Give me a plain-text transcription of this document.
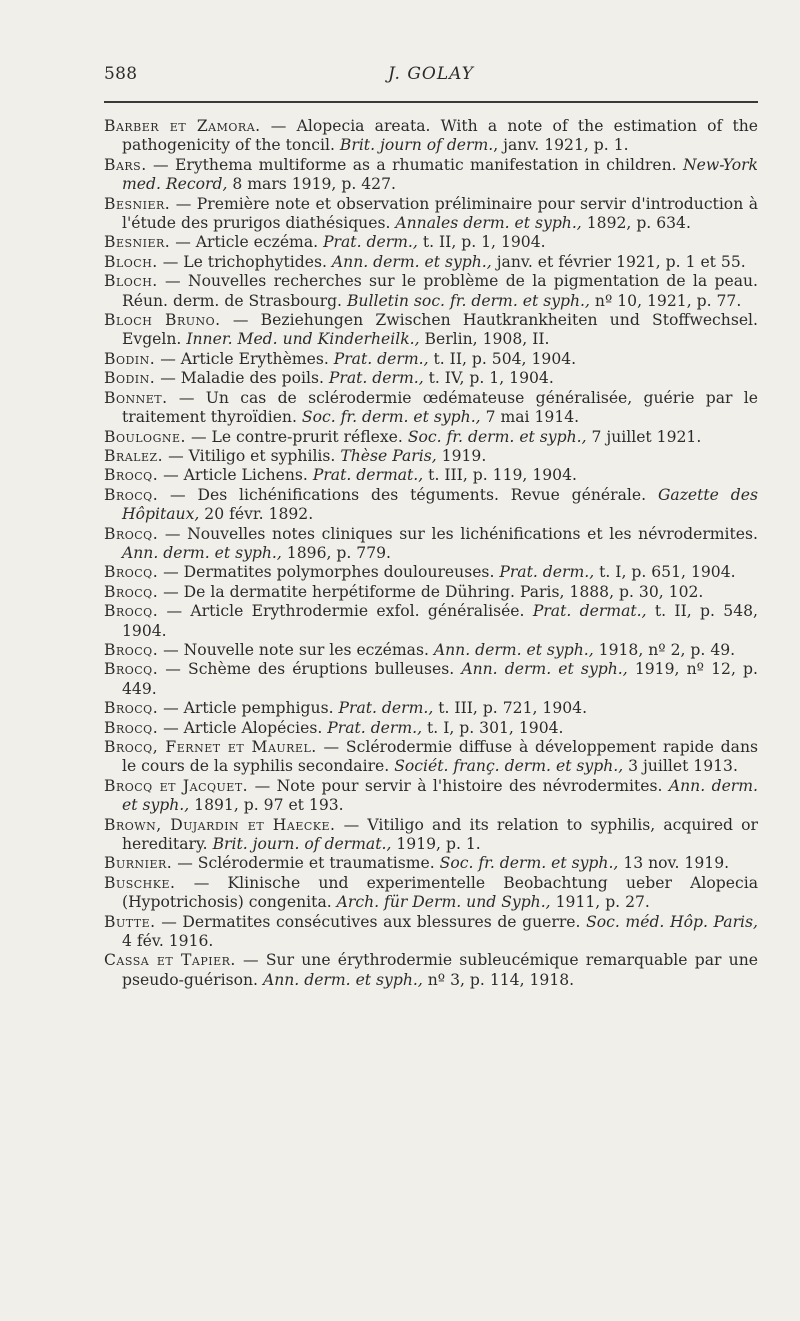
588	J. GOLAY

Barber et Zamora. — Alopecia areata. With a note of the estimation of the pathogenicity of the toncil. Brit. journ of derm., janv. 1921, p. 1.

Bars. — Erythema multiforme as a rhumatic manifestation in children. New-York med. Record, 8 mars 1919, p. 427.

Besnier. — Première note et observation préliminaire pour servir d'introduction à l'étude des prurigos diathésiques. Annales derm. et syph., 1892, p. 634.

Besnier. — Article eczéma. Prat. derm., t. II, p. 1, 1904.

Bloch. — Le trichophytides. Ann. derm. et syph., janv. et février 1921, p. 1 et 55.

Bloch. — Nouvelles recherches sur le problème de la pigmentation de la peau. Réun. derm. de Strasbourg. Bulletin soc. fr. derm. et syph., nº 10, 1921, p. 77.

Bloch Bruno. — Beziehungen Zwischen Hautkrankheiten und Stoffwechsel. Evgeln. Inner. Med. und Kinderheilk., Berlin, 1908, II.

Bodin. — Article Erythèmes. Prat. derm., t. II, p. 504, 1904.

Bodin. — Maladie des poils. Prat. derm., t. IV, p. 1, 1904.

Bonnet. — Un cas de sclérodermie œdémateuse généralisée, guérie par le traitement thyroïdien. Soc. fr. derm. et syph., 7 mai 1914.

Boulogne. — Le contre-prurit réflexe. Soc. fr. derm. et syph., 7 juillet 1921.

Bralez. — Vitiligo et syphilis. Thèse Paris, 1919.

Brocq. — Article Lichens. Prat. dermat., t. III, p. 119, 1904.

Brocq. — Des lichénifications des téguments. Revue générale. Gazette des Hôpitaux, 20 févr. 1892.

Brocq. — Nouvelles notes cliniques sur les lichénifications et les névrodermites. Ann. derm. et syph., 1896, p. 779.

Brocq. — Dermatites polymorphes douloureuses. Prat. derm., t. I, p. 651, 1904.

Brocq. — De la dermatite herpétiforme de Dühring. Paris, 1888, p. 30, 102.

Brocq. — Article Erythrodermie exfol. généralisée. Prat. dermat., t. II, p. 548, 1904.

Brocq. — Nouvelle note sur les eczémas. Ann. derm. et syph., 1918, nº 2, p. 49.

Brocq. — Schème des éruptions bulleuses. Ann. derm. et syph., 1919, nº 12, p. 449.

Brocq. — Article pemphigus. Prat. derm., t. III, p. 721, 1904.

Brocq. — Article Alopécies. Prat. derm., t. I, p. 301, 1904.

Brocq, Fernet et Maurel. — Sclérodermie diffuse à développement rapide dans le cours de la syphilis secondaire. Sociét. franç. derm. et syph., 3 juillet 1913.

Brocq et Jacquet. — Note pour servir à l'histoire des névrodermites. Ann. derm. et syph., 1891, p. 97 et 193.

Brown, Dujardin et Haecke. — Vitiligo and its relation to syphilis, acquired or hereditary. Brit. journ. of dermat., 1919, p. 1.

Burnier. — Sclérodermie et traumatisme. Soc. fr. derm. et syph., 13 nov. 1919.

Buschke. — Klinische und experimentelle Beobachtung ueber Alopecia (Hypotrichosis) congenita. Arch. für Derm. und Syph., 1911, p. 27.

Butte. — Dermatites consécutives aux blessures de guerre. Soc. méd. Hôp. Paris, 4 fév. 1916.

Cassa et Tapier. — Sur une érythrodermie subleucémique remarquable par une pseudo-guérison. Ann. derm. et syph., nº 3, p. 114, 1918.
